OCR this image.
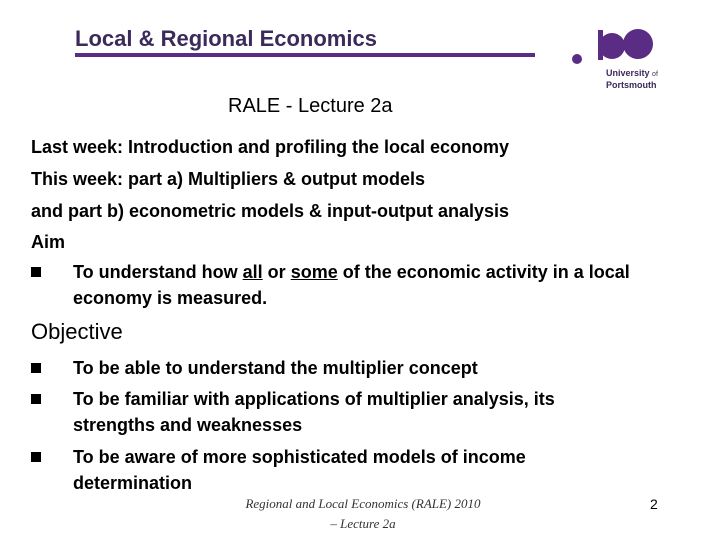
Local & Regional Economics
University of
Portsmouth
RALE - Lecture 2a
Last week: Introduction and profiling the local economy
This week: part a) Multipliers & output models
and part b) econometric models & input-output analysis
Aim
To understand how all or some of the economic activity in a local economy is measured.
Objective
To be able to understand the multiplier concept
To be familiar with applications of multiplier analysis, its strengths and weaknesses
To be aware of more sophisticated models of income determination
Regional and Local Economics (RALE) 2010
– Lecture 2a
2
